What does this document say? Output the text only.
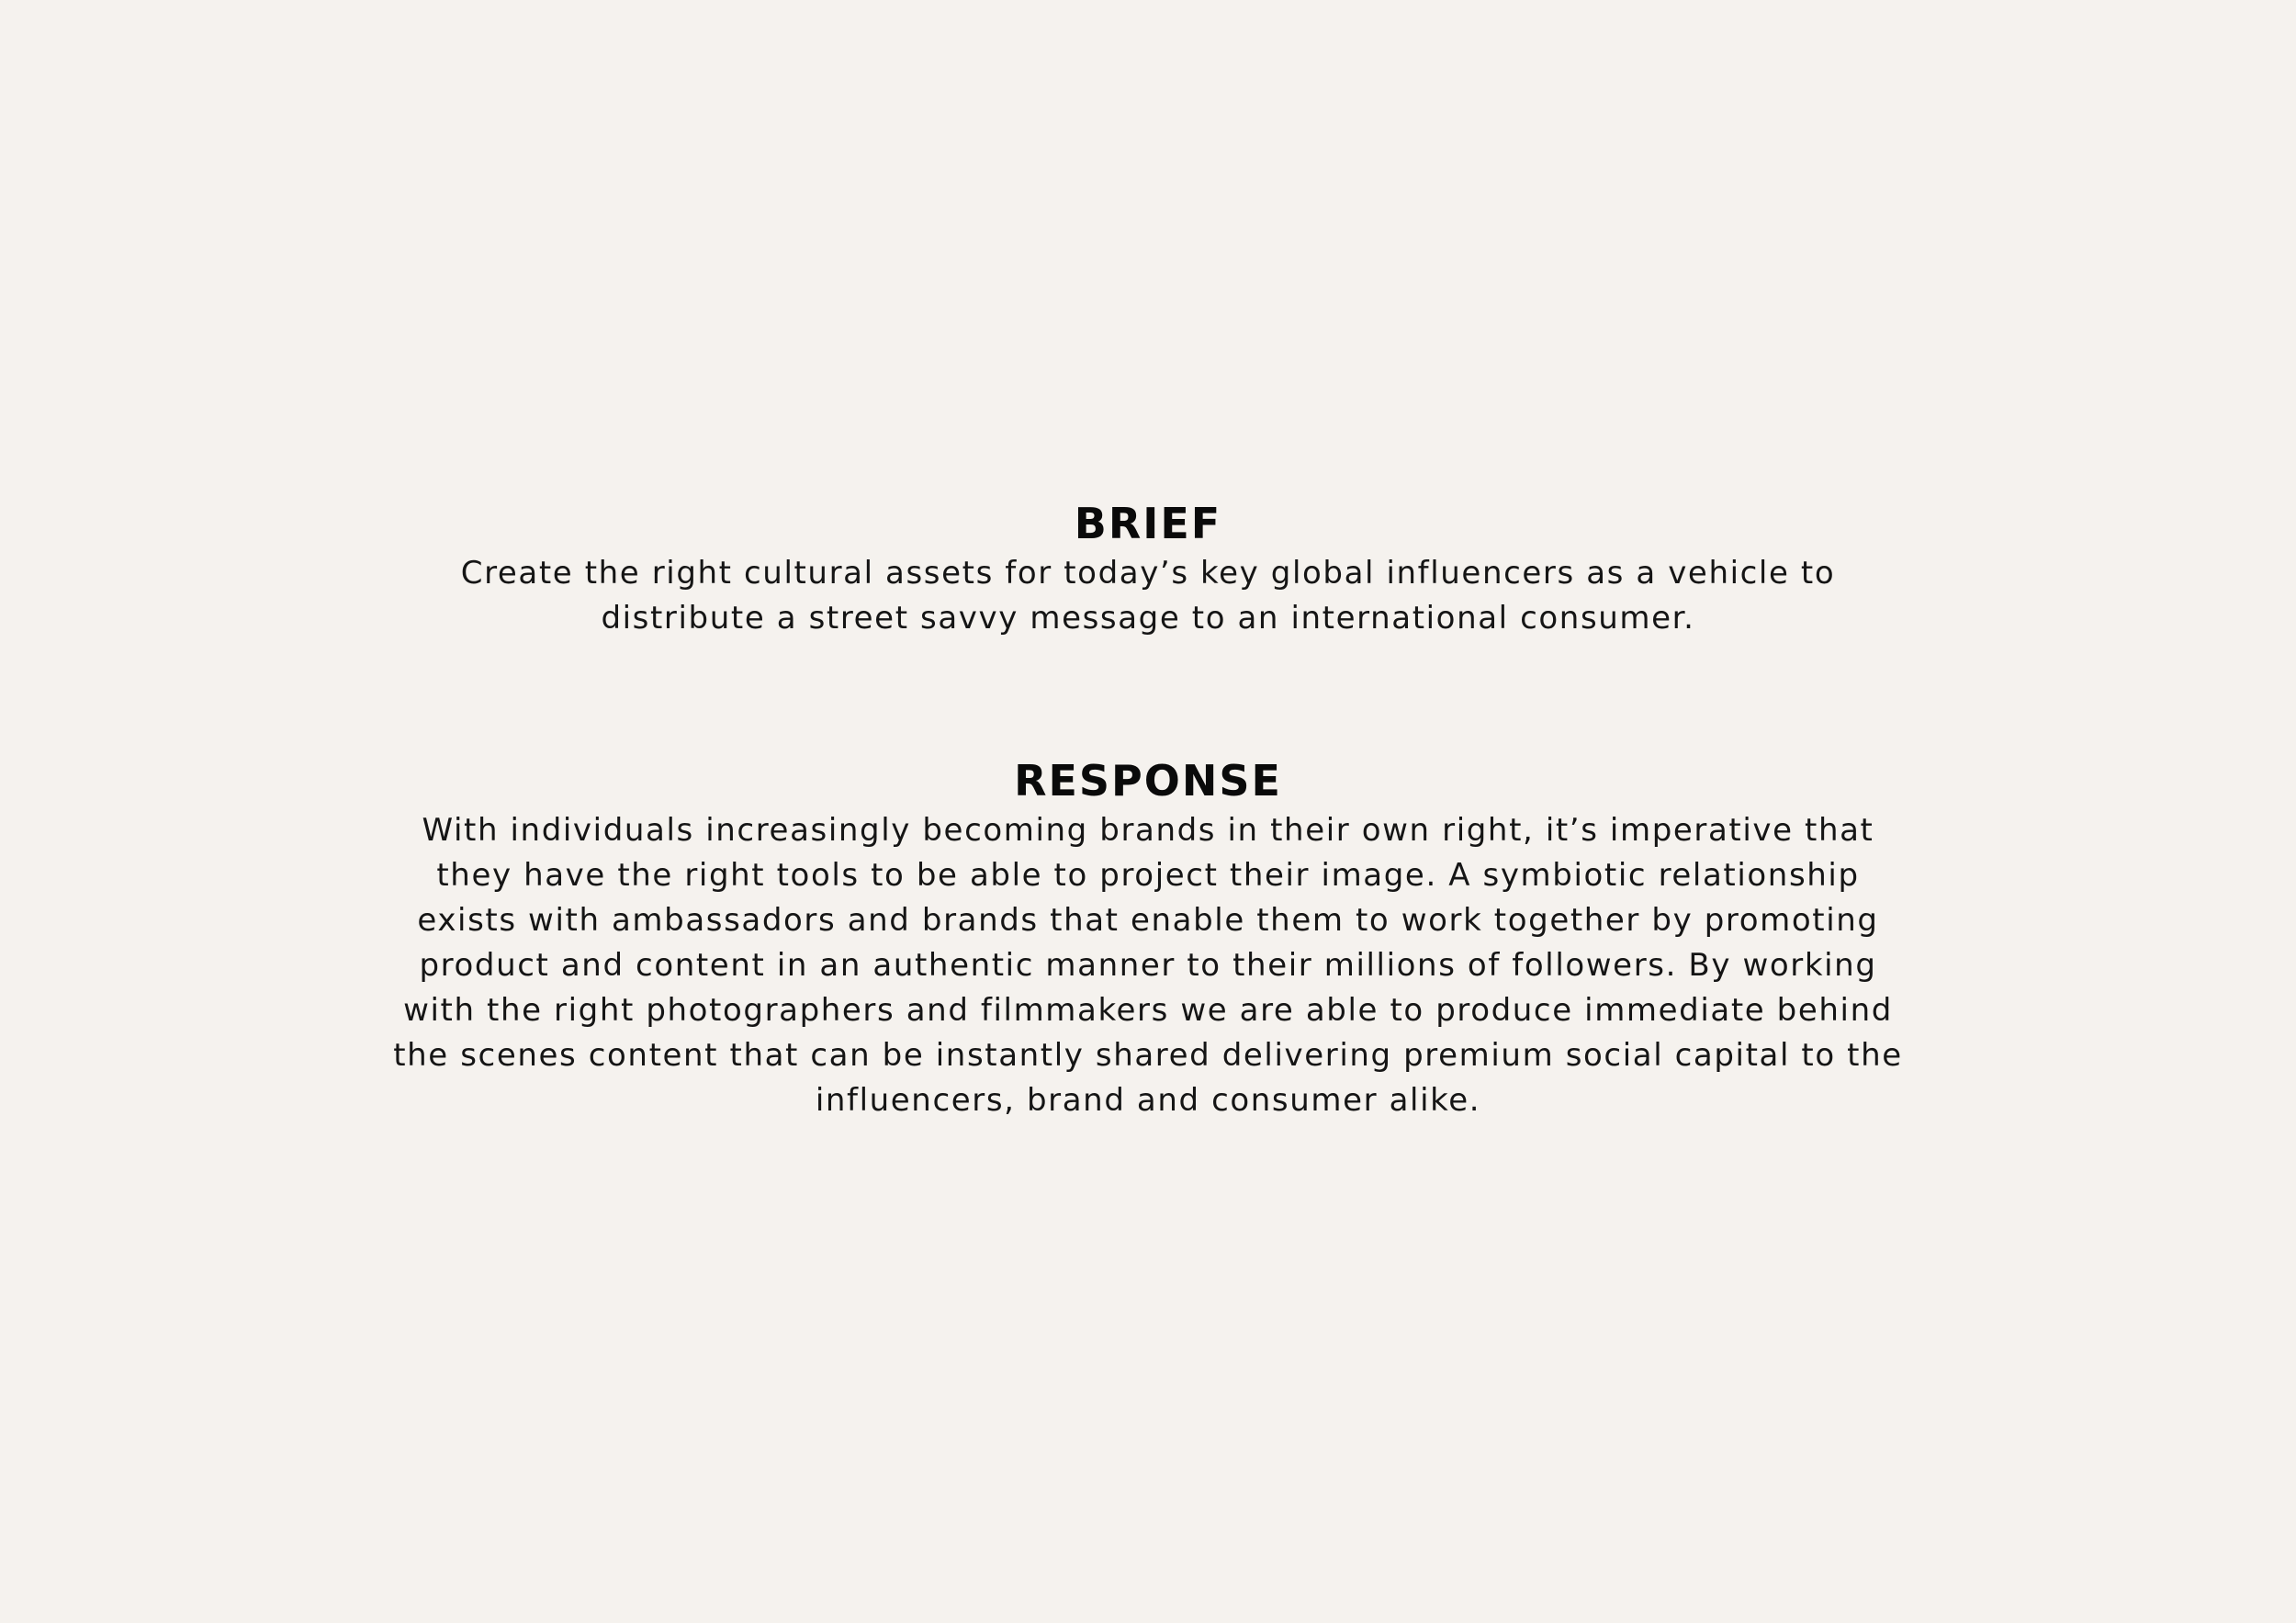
BRIEF

Create the right cultural assets for today’s key global influencers as a vehicle to
distribute a street savvy message to an international consumer.

RESPONSE

With individuals increasingly becoming brands in their own right, it’s imperative that
they have the right tools to be able to project their image. A symbiotic relationship
exists with ambassadors and brands that enable them to work together by promoting
product and content in an authentic manner to their millions of followers. By working
with the right photographers and filmmakers we are able to produce immediate behind
the scenes content that can be instantly shared delivering premium social capital to the
influencers, brand and consumer alike.
